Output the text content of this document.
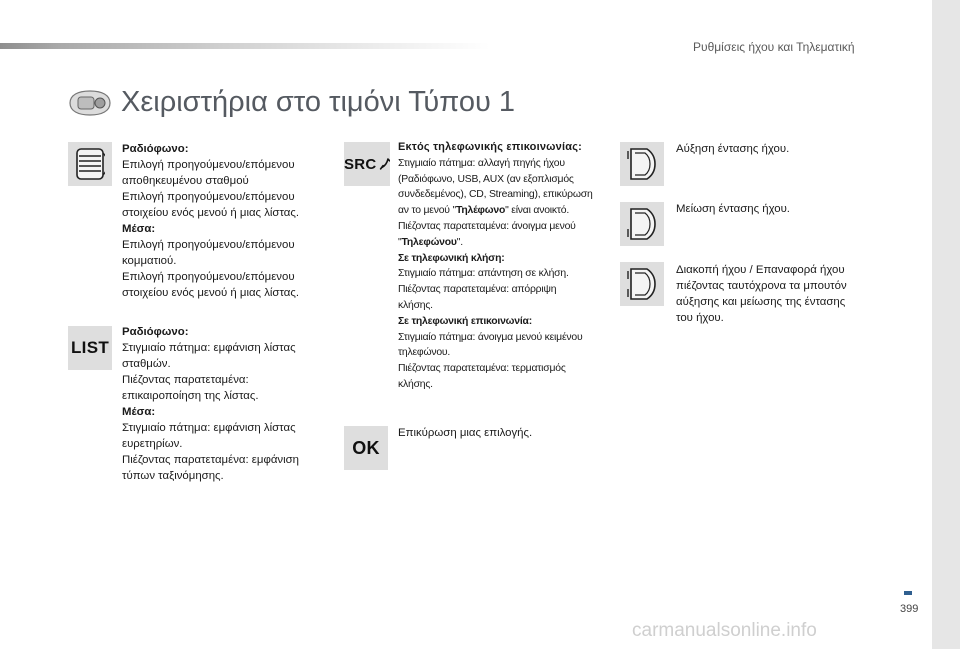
Ρυθμίσεις ήχου και Τηλεματική
Χειριστήρια στο τιμόνι Τύπου 1

Ραδιόφωνο:

Επιλογή προηγούμενου/επόμενου

αποθηκευμένου σταθμού

Επιλογή προηγούμενου/επόμενου

στοιχείου ενός μενού ή μιας λίστας.

Μέσα:

Επιλογή προηγούμενου/επόμενου

κομματιού.

Επιλογή προηγούμενου/επόμενου

στοιχείου ενός μενού ή μιας λίστας.

LIST

Ραδιόφωνο:

Στιγμιαίο πάτημα: εμφάνιση λίστας

σταθμών.

Πιέζοντας παρατεταμένα:

επικαιροποίηση της λίστας.

Μέσα:

Στιγμιαίο πάτημα: εμφάνιση λίστας

ευρετηρίων.

Πιέζοντας παρατεταμένα: εμφάνιση

τύπων ταξινόμησης.

SRC

Εκτός τηλεφωνικής επικοινωνίας:

Στιγμιαίο πάτημα: αλλαγή πηγής ήχου

(Ραδιόφωνο, USB, AUX (αν εξοπλισμός

συνδεδεμένος), CD, Streaming), επικύρωση

αν το μενού "Τηλέφωνο" είναι ανοικτό.

Πιέζοντας παρατεταμένα: άνοιγμα μενού

"Τηλεφώνου".

Σε τηλεφωνική κλήση:

Στιγμιαίο πάτημα: απάντηση σε κλήση.

Πιέζοντας παρατεταμένα: απόρριψη

κλήσης.

Σε τηλεφωνική επικοινωνία:

Στιγμιαίο πάτημα: άνοιγμα μενού κειμένου

τηλεφώνου.

Πιέζοντας παρατεταμένα: τερματισμός

κλήσης.

OK

Επικύρωση μιας επιλογής.

Αύξηση έντασης ήχου.

Μείωση έντασης ήχου.

Διακοπή ήχου / Επαναφορά ήχου

πιέζοντας ταυτόχρονα τα μπουτόν

αύξησης και μείωσης της έντασης

του ήχου.

399
carmanualsonline.info
